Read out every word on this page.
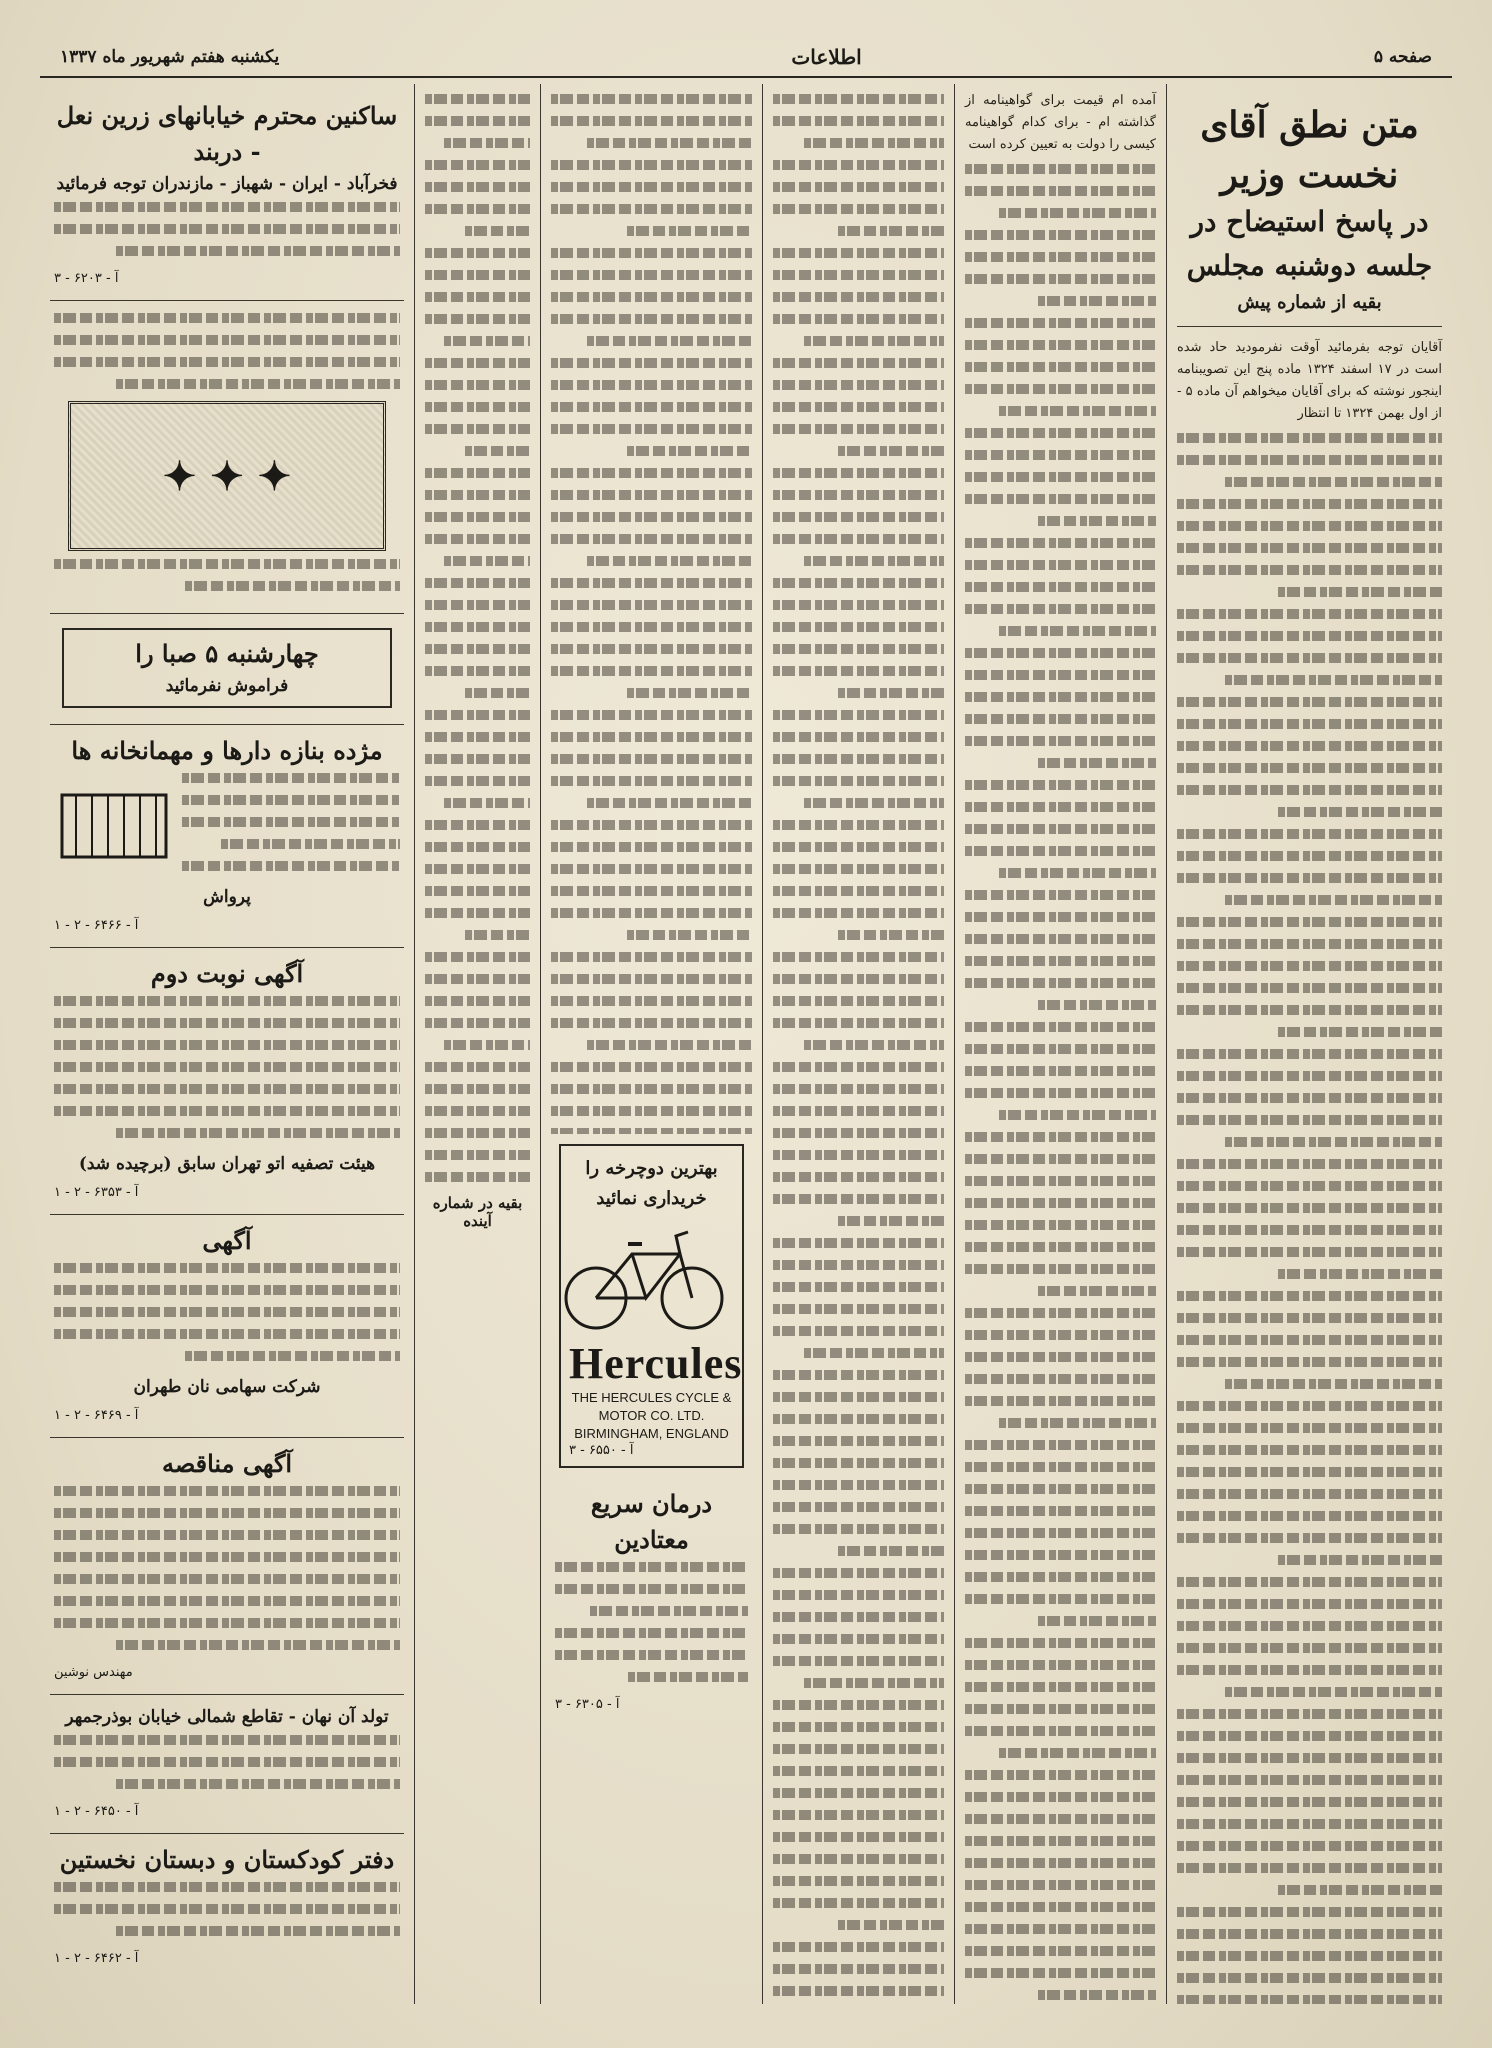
صفحه ۵
اطلاعات
یکشنبه هفتم شهریور ماه ۱۳۳۷
متن نطق آقای نخست وزیر
در پاسخ استیضاح در جلسه دوشنبه مجلس
بقیه از شماره پیش
آقایان توجه بفرمائید آوقت نفرمودید حاد شده است در ۱۷ اسفند ۱۳۲۴ ماده پنج این تصویبنامه اینجور نوشته که برای آقایان میخواهم آن ماده ۵ - از اول بهمن ۱۳۲۴ تا انتظار
آمده ام قیمت برای گواهینامه از گذاشته ام - برای کدام گواهینامه کیسی را دولت به تعیین کرده است
بهترین دوچرخه را خریداری نمائید
Hercules
THE HERCULES CYCLE & MOTOR CO. LTD.
BIRMINGHAM, ENGLAND
آ - ۶۵۵۰ - ۳
درمان سریع معتادین
آ - ۶۳۰۵ - ۳
بقیه در شماره آینده
ساکنین محترم خیابانهای زرین نعل - دربند
فخرآباد - ایران - شهباز - مازندران توجه فرمائید
آ - ۶۲۰۳ - ۳
✦ ✦ ✦
چهارشنبه ۵ صبا را
فراموش نفرمائید
مژده بنازه دارها و مهمانخانه ها
پرواش
آ - ۶۴۶۶ - ۲ - ۱
آگهی نوبت دوم
هیئت تصفیه اتو تهران سابق (برچیده شد)
آ - ۶۳۵۳ - ۲ - ۱
آگهی
شرکت سهامی نان طهران
آ - ۶۴۶۹ - ۲ - ۱
آگهی مناقصه
مهندس نوشین
تولد آن نهان - تقاطع شمالی خیابان بوذرجمهر
آ - ۶۴۵۰ - ۲ - ۱
دفتر کودکستان و دبستان نخستین
آ - ۶۴۶۲ - ۲ - ۱
